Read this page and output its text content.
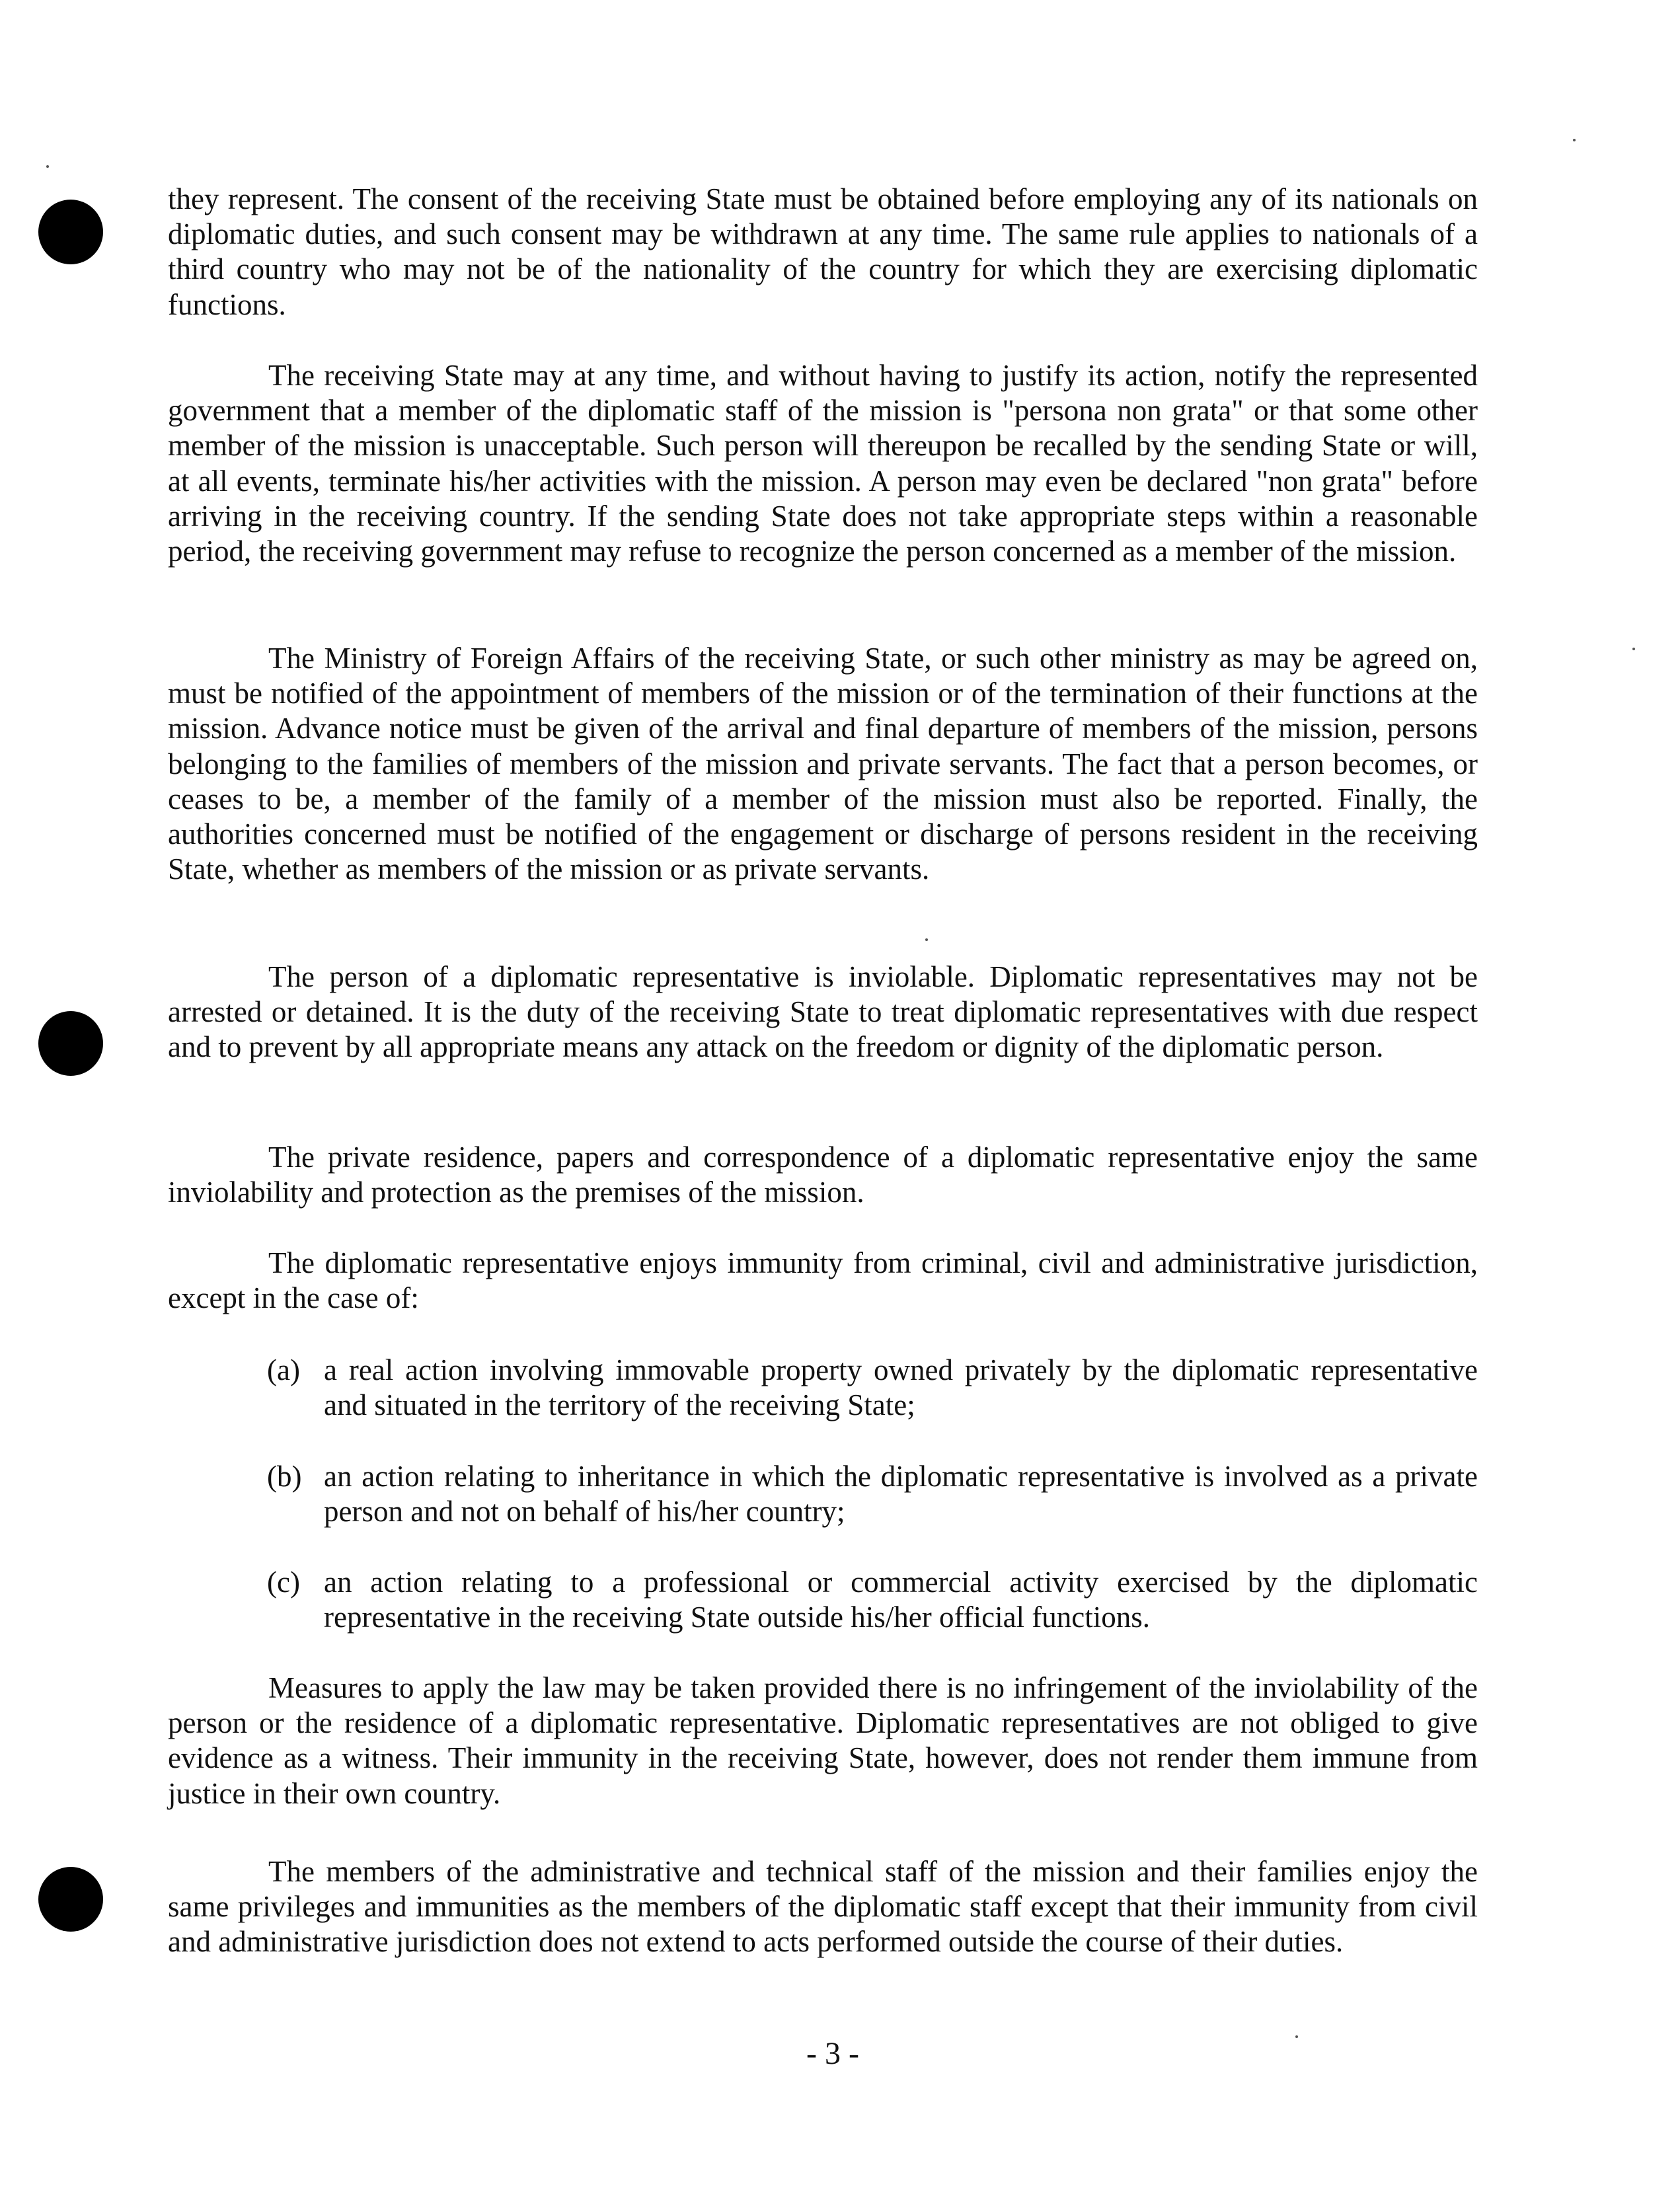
they represent. The consent of the receiving State must be obtained before employing any of its nationals on diplomatic duties, and such consent may be withdrawn at any time. The same rule applies to nationals of a third country who may not be of the nationality of the country for which they are exercising diplomatic functions.

The receiving State may at any time, and without having to justify its action, notify the represented government that a member of the diplomatic staff of the mission is "persona non grata" or that some other member of the mission is unacceptable. Such person will thereupon be recalled by the sending State or will, at all events, terminate his/her activities with the mission. A person may even be declared "non grata" before arriving in the receiving country. If the sending State does not take appropriate steps within a reasonable period, the receiving government may refuse to recognize the person concerned as a member of the mission.

The Ministry of Foreign Affairs of the receiving State, or such other ministry as may be agreed on, must be notified of the appointment of members of the mission or of the termination of their functions at the mission. Advance notice must be given of the arrival and final departure of members of the mission, persons belonging to the families of members of the mission and private servants. The fact that a person becomes, or ceases to be, a member of the family of a member of the mission must also be reported. Finally, the authorities concerned must be notified of the engagement or discharge of persons resident in the receiving State, whether as members of the mission or as private servants.

The person of a diplomatic representative is inviolable. Diplomatic representatives may not be arrested or detained. It is the duty of the receiving State to treat diplomatic representatives with due respect and to prevent by all appropriate means any attack on the freedom or dignity of the diplomatic person.

The private residence, papers and correspondence of a diplomatic representative enjoy the same inviolability and protection as the premises of the mission.

The diplomatic representative enjoys immunity from criminal, civil and administrative jurisdiction, except in the case of:

(a) a real action involving immovable property owned privately by the diplomatic representative and situated in the territory of the receiving State;
(b) an action relating to inheritance in which the diplomatic representative is involved as a private person and not on behalf of his/her country;
(c) an action relating to a professional or commercial activity exercised by the diplomatic representative in the receiving State outside his/her official functions.

Measures to apply the law may be taken provided there is no infringement of the inviolability of the person or the residence of a diplomatic representative. Diplomatic representatives are not obliged to give evidence as a witness. Their immunity in the receiving State, however, does not render them immune from justice in their own country.

The members of the administrative and technical staff of the mission and their families enjoy the same privileges and immunities as the members of the diplomatic staff except that their immunity from civil and administrative jurisdiction does not extend to acts performed outside the course of their duties.

- 3 -
